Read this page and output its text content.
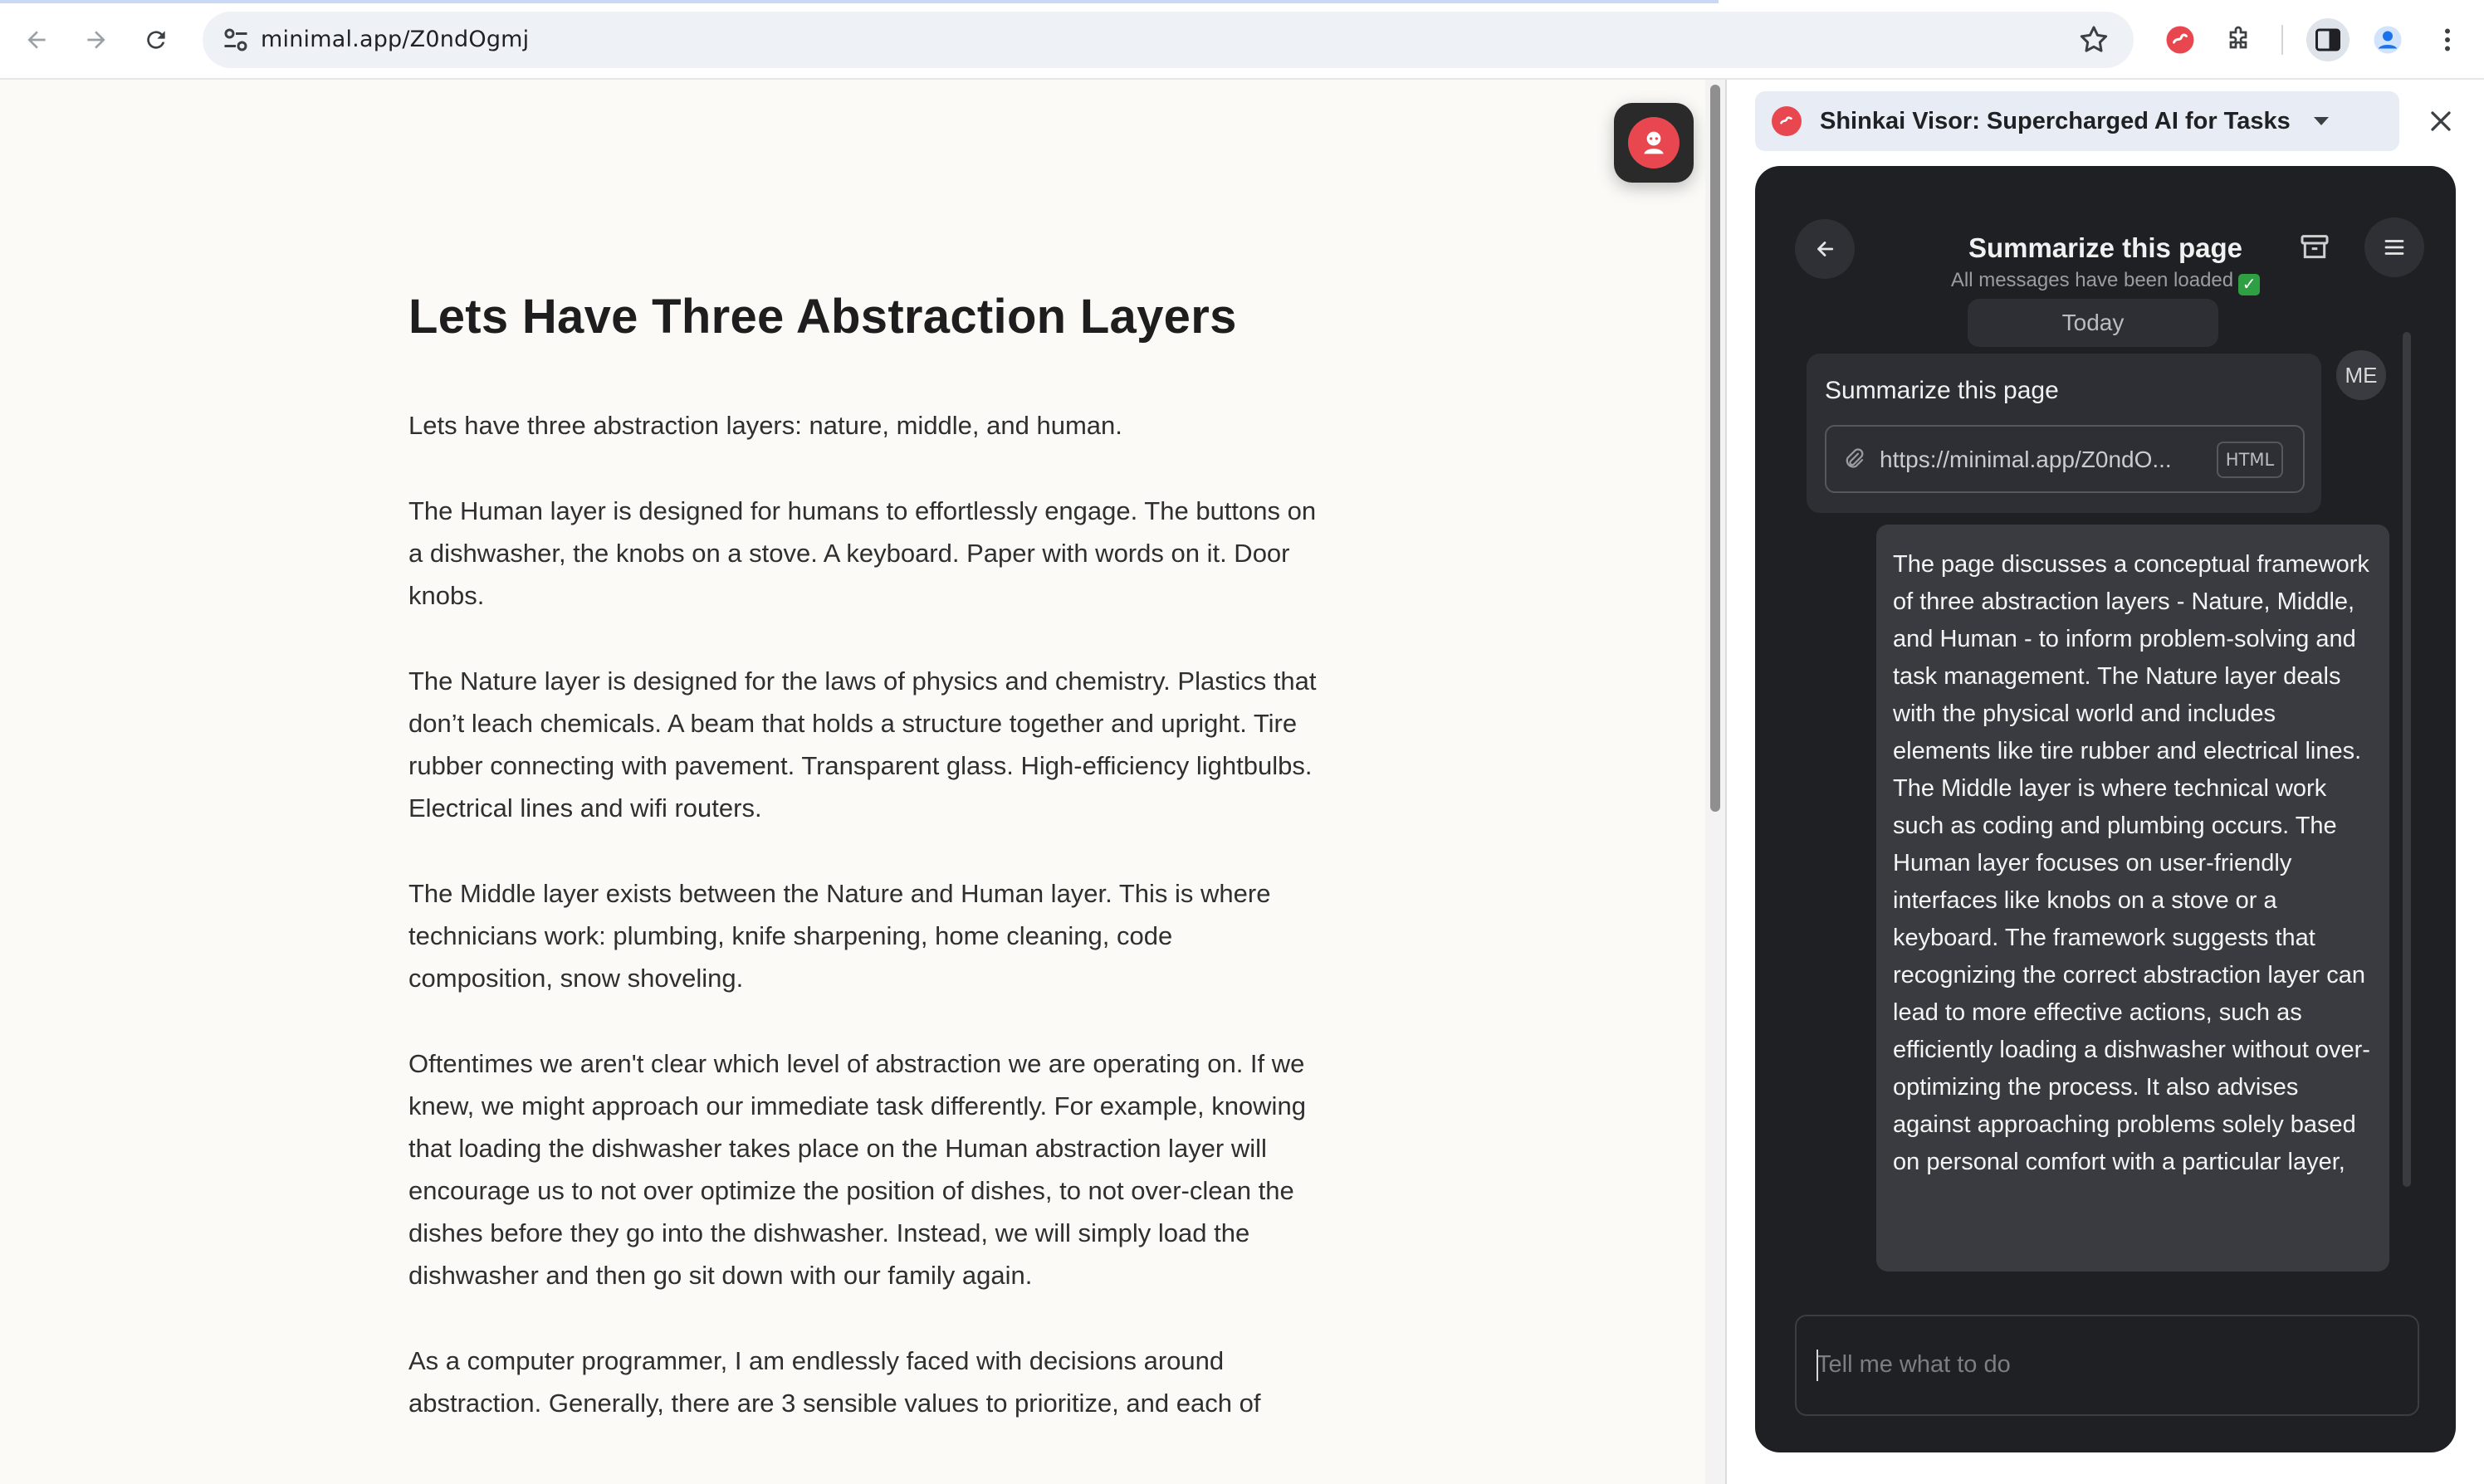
minimal.app/Z0ndOgmj
Lets Have Three Abstraction Layers

Lets have three abstraction layers: nature, middle, and human.

The Human layer is designed for humans to effortlessly engage. The buttons on a dishwasher, the knobs on a stove. A keyboard. Paper with words on it. Door knobs.

The Nature layer is designed for the laws of physics and chemistry. Plastics that don’t leach chemicals. A beam that holds a structure together and upright. Tire rubber connecting with pavement. Transparent glass. High-efficiency lightbulbs. Electrical lines and wifi routers.

The Middle layer exists between the Nature and Human layer. This is where technicians work: plumbing, knife sharpening, home cleaning, code composition, snow shoveling.

Oftentimes we aren't clear which level of abstraction we are operating on. If we knew, we might approach our immediate task differently. For example, knowing that loading the dishwasher takes place on the Human abstraction layer will encourage us to not over optimize the position of dishes, to not over-clean the dishes before they go into the dishwasher. Instead, we will simply load the dishwasher and then go sit down with our family again.

As a computer programmer, I am endlessly faced with decisions around abstraction. Generally, there are 3 sensible values to prioritize, and each of

Shinkai Visor: Supercharged AI for Tasks
Summarize this page
All messages have been loaded ✓
Today
Summarize this page
https://minimal.app/Z0ndO...	HTML
ME
The page discusses a conceptual framework of three abstraction layers - Nature, Middle, and Human - to inform problem-solving and task management. The Nature layer deals with the physical world and includes elements like tire rubber and electrical lines. The Middle layer is where technical work such as coding and plumbing occurs. The Human layer focuses on user-friendly interfaces like knobs on a stove or a keyboard. The framework suggests that recognizing the correct abstraction layer can lead to more effective actions, such as efficiently loading a dishwasher without over-optimizing the process. It also advises against approaching problems solely based on personal comfort with a particular layer,
Tell me what to do
